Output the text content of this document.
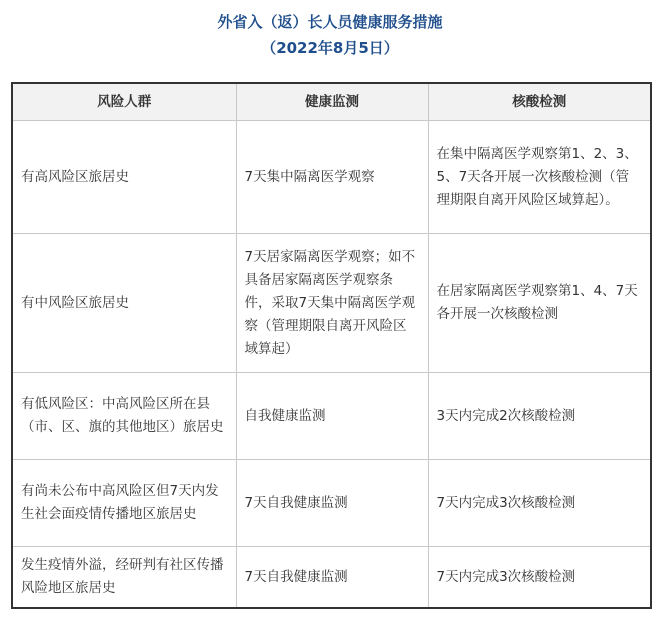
外省入（返）长人员健康服务措施
（2022年8月5日）
风险人群	健康监测	核酸检测
有高风险区旅居史	7天集中隔离医学观察	在集中隔离医学观察第1、2、3、5、7天各开展一次核酸检测（管理期限自离开风险区域算起）。
有中风险区旅居史	7天居家隔离医学观察；如不具备居家隔离医学观察条件，采取7天集中隔离医学观察（管理期限自离开风险区域算起）	在居家隔离医学观察第1、4、7天各开展一次核酸检测
有低风险区：中高风险区所在县（市、区、旗的其他地区）旅居史	自我健康监测	3天内完成2次核酸检测
有尚未公布中高风险区但7天内发生社会面疫情传播地区旅居史	7天自我健康监测	7天内完成3次核酸检测
发生疫情外溢，经研判有社区传播风险地区旅居史	7天自我健康监测	7天内完成3次核酸检测
